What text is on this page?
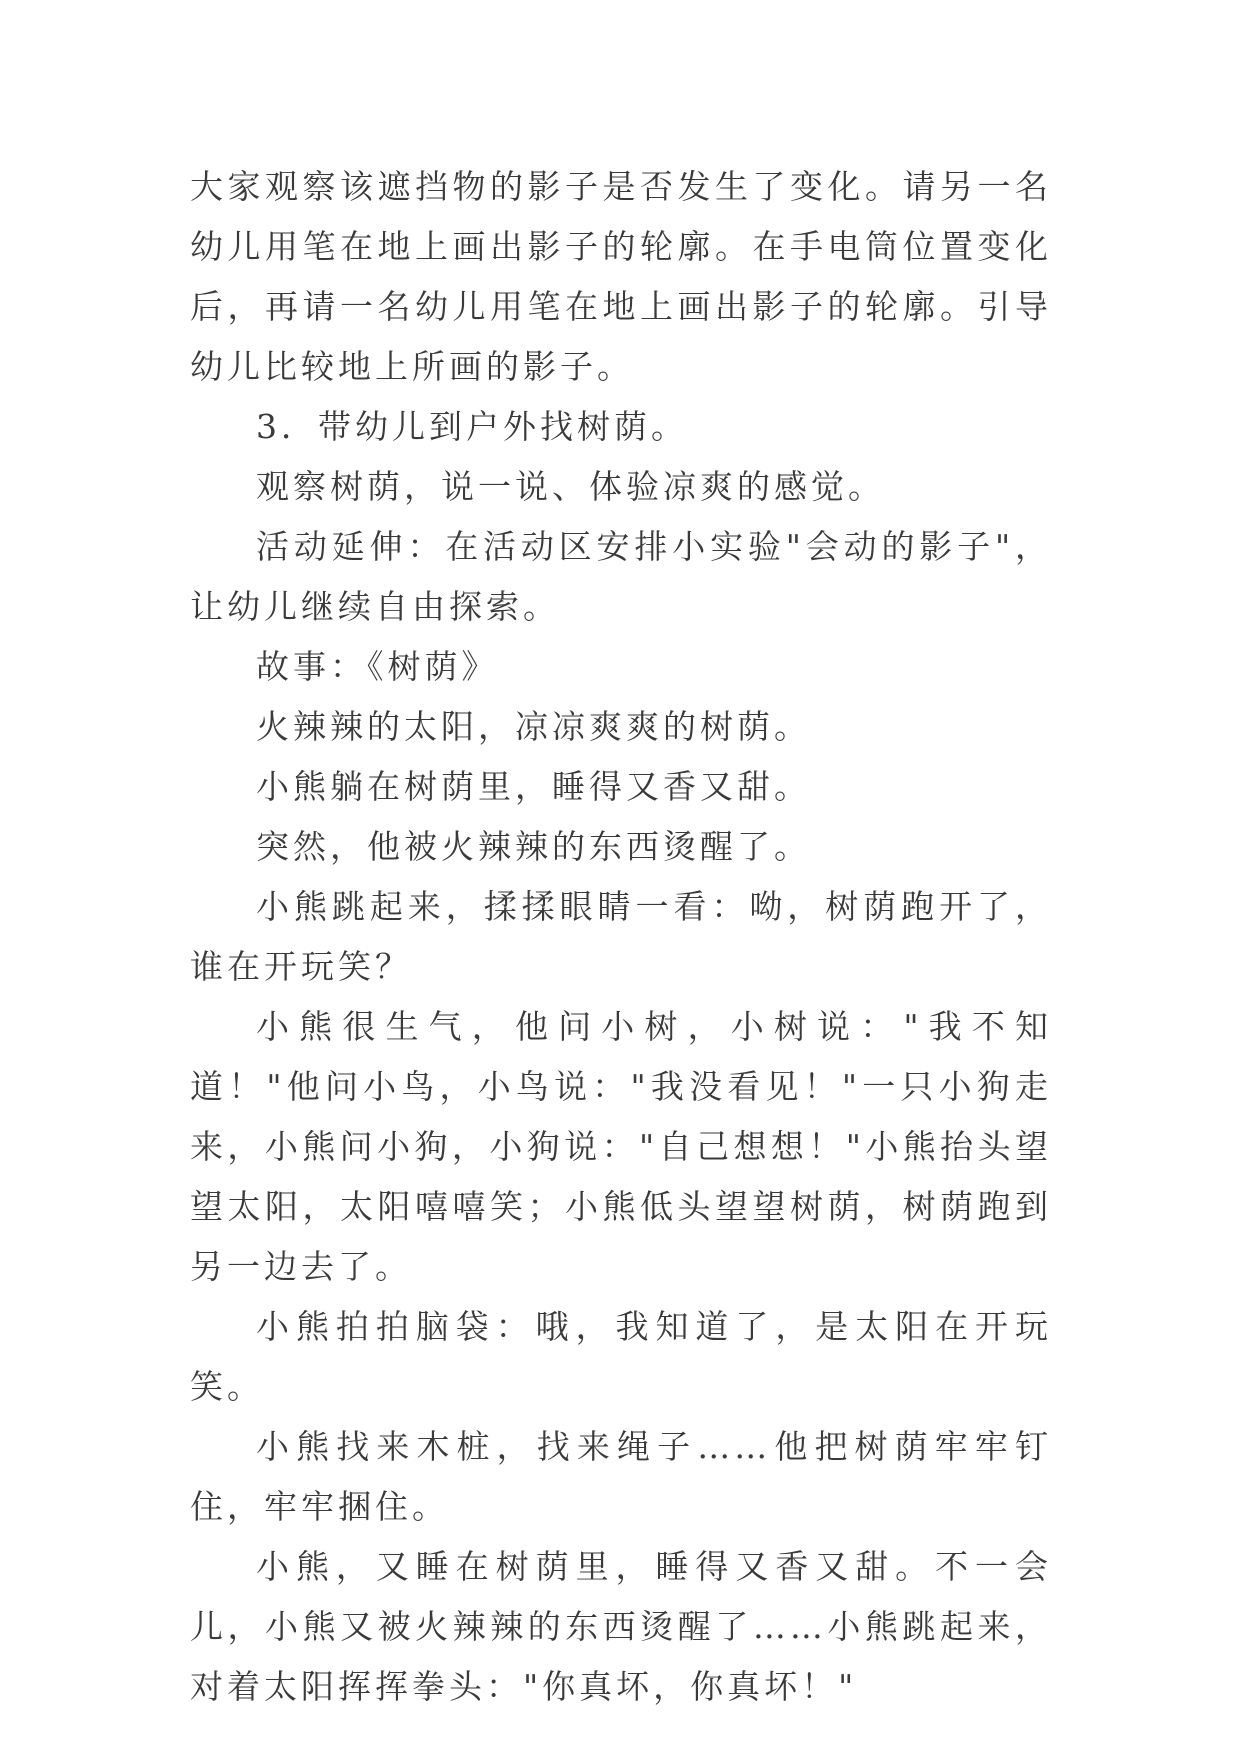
大家观察该遮挡物的影子是否发生了变化。请另一名幼儿用笔在地上画出影子的轮廓。在手电筒位置变化后，再请一名幼儿用笔在地上画出影子的轮廓。引导幼儿比较地上所画的影子。

3．带幼儿到户外找树荫。

观察树荫，说一说、体验凉爽的感觉。

活动延伸：在活动区安排小实验"会动的影子"，让幼儿继续自由探索。

故事：《树荫》

火辣辣的太阳，凉凉爽爽的树荫。

小熊躺在树荫里，睡得又香又甜。

突然，他被火辣辣的东西烫醒了。

小熊跳起来，揉揉眼睛一看：呦，树荫跑开了，谁在开玩笑？

小熊很生气，他问小树，小树说："我不知道！"他问小鸟，小鸟说："我没看见！"一只小狗走来，小熊问小狗，小狗说："自己想想！"小熊抬头望望太阳，太阳嘻嘻笑；小熊低头望望树荫，树荫跑到另一边去了。

小熊拍拍脑袋：哦，我知道了，是太阳在开玩笑。

小熊找来木桩，找来绳子……他把树荫牢牢钉住，牢牢捆住。

小熊，又睡在树荫里，睡得又香又甜。不一会儿，小熊又被火辣辣的东西烫醒了……小熊跳起来，对着太阳挥挥拳头："你真坏，你真坏！"
